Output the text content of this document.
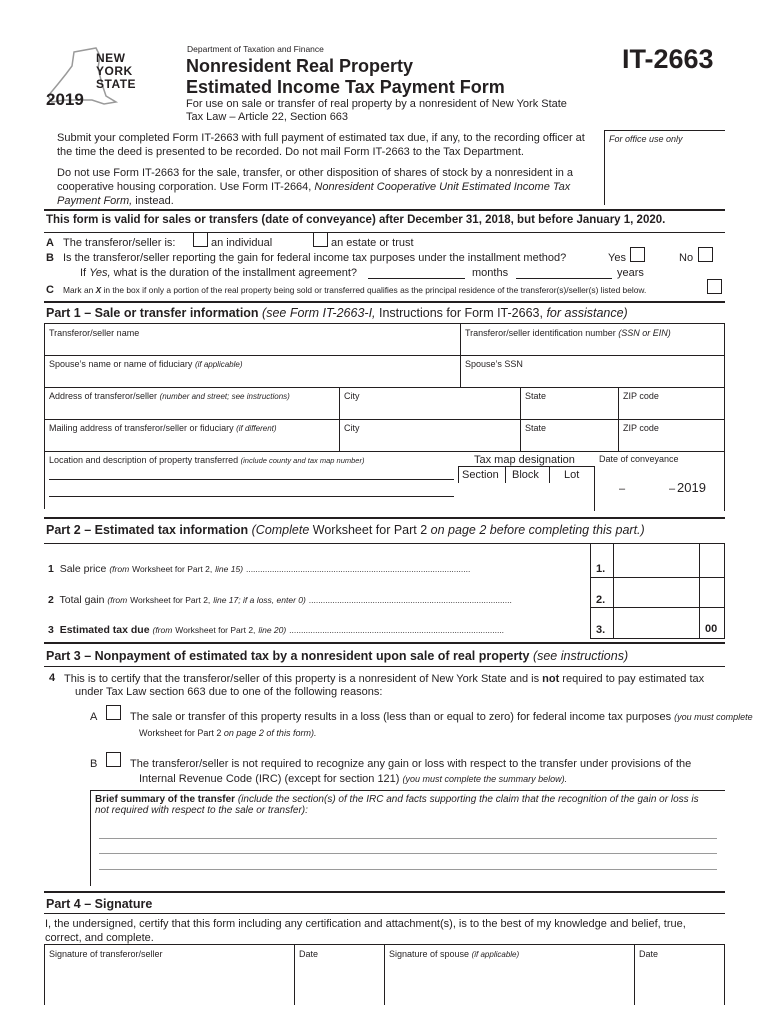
NEW
YORK
STATE
2019
Department of Taxation and Finance
Nonresident Real Property
Estimated Income Tax Payment Form
IT-2663
For use on sale or transfer of real property by a nonresident of New York State
Tax Law – Article 22, Section 663
For office use only
Submit your completed Form IT-2663 with full payment of estimated tax due, if any, to the recording officer at the time the deed is presented to be recorded. Do not mail Form IT-2663 to the Tax Department.
Do not use Form IT-2663 for the sale, transfer, or other disposition of shares of stock by a nonresident in a cooperative housing corporation. Use Form IT-2664, Nonresident Cooperative Unit Estimated Income Tax Payment Form, instead.
This form is valid for sales or transfers (date of conveyance) after December 31, 2018, but before January 1, 2020.
A The transferor/seller is:	an individual	an estate or trust
B Is the transferor/seller reporting the gain for federal income tax purposes under the installment method?	Yes	No
If Yes, what is the duration of the installment agreement?	months	years
C Mark an X in the box if only a portion of the real property being sold or transferred qualifies as the principal residence of the transferor(s)/seller(s) listed below.
Part 1 – Sale or transfer information (see Form IT-2663-I, Instructions for Form IT-2663, for assistance)
Transferor/seller name	Transferor/seller identification number (SSN or EIN)
Spouse’s name or name of fiduciary (if applicable)	Spouse’s SSN
Address of transferor/seller (number and street; see instructions)	City	State	ZIP code
Mailing address of transferor/seller or fiduciary (if different)	City	State	ZIP code
Location and description of property transferred (include county and tax map number)	Tax map designation
Section Block Lot
Date of conveyance
–	– 2019
Part 2 – Estimated tax information (Complete Worksheet for Part 2 on page 2 before completing this part.)
1 Sale price (from Worksheet for Part 2, line 15) ...............................................................................................	1.
2 Total gain (from Worksheet for Part 2, line 17; if a loss, enter 0) ......................................................................................	2.
3 Estimated tax due (from Worksheet for Part 2, line 20) ...........................................................................................	3.	00
Part 3 – Nonpayment of estimated tax by a nonresident upon sale of real property (see instructions)
4 This is to certify that the transferor/seller of this property is a nonresident of New York State and is not required to pay estimated tax
under Tax Law section 663 due to one of the following reasons:
A	The sale or transfer of this property results in a loss (less than or equal to zero) for federal income tax purposes (you must complete
Worksheet for Part 2 on page 2 of this form).
B	The transferor/seller is not required to recognize any gain or loss with respect to the transfer under provisions of the
Internal Revenue Code (IRC) (except for section 121) (you must complete the summary below).
Brief summary of the transfer (include the section(s) of the IRC and facts supporting the claim that the recognition of the gain or loss is not required with respect to the sale or transfer):
Part 4 – Signature
I, the undersigned, certify that this form including any certification and attachment(s), is to the best of my knowledge and belief, true, correct, and complete.
Signature of transferor/seller	Date	Signature of spouse (if applicable)	Date
